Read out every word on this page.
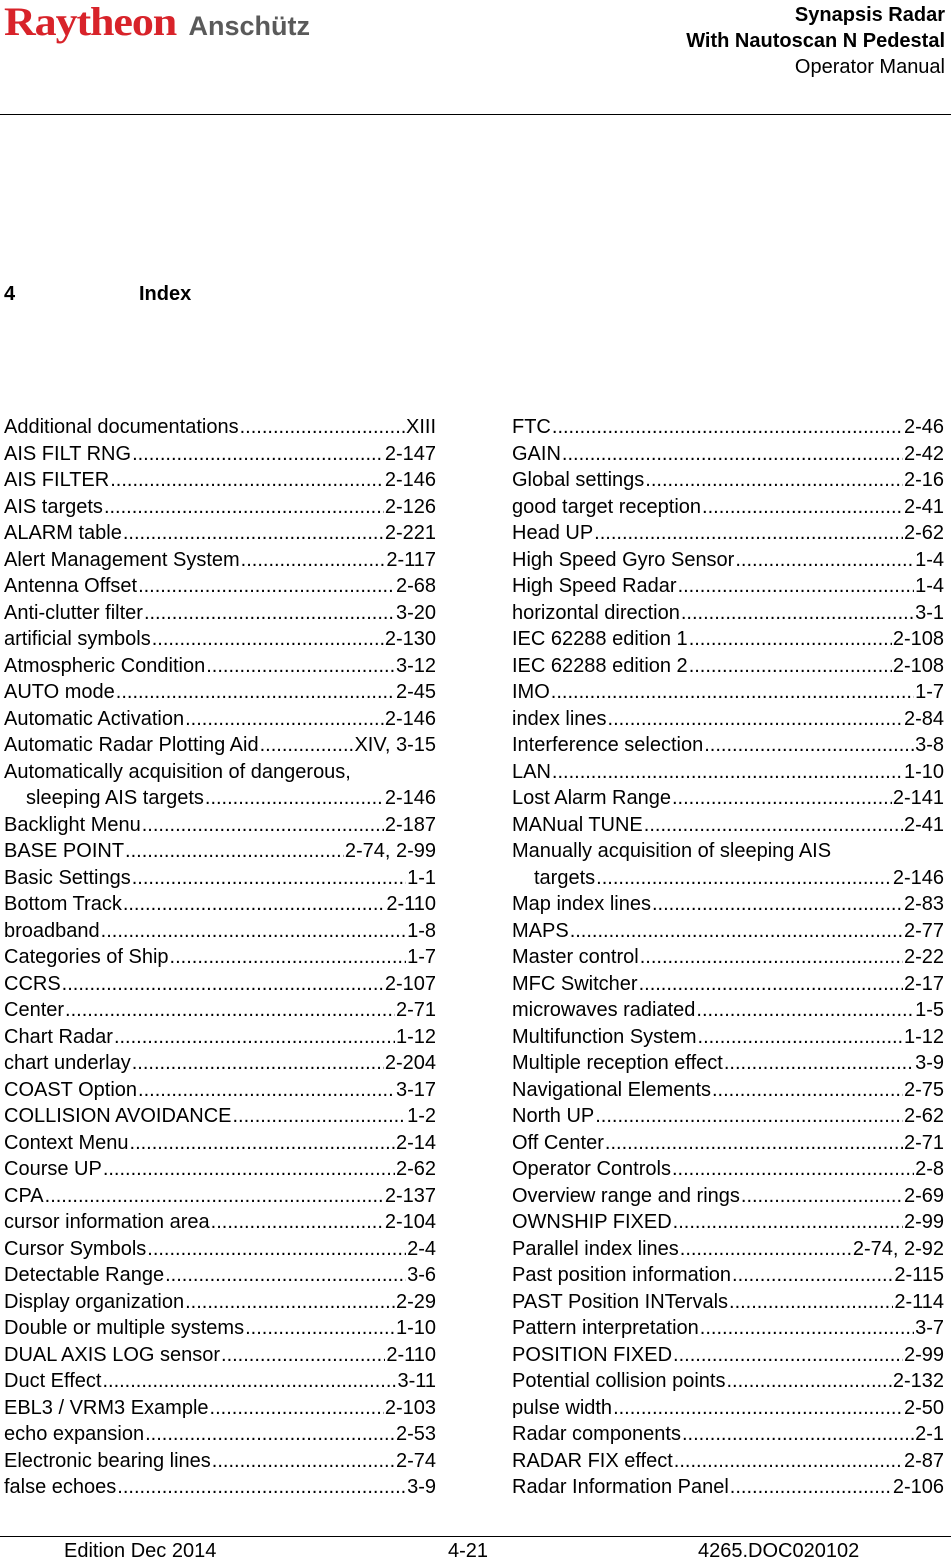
Raytheon Anschütz	Synapsis Radar
With Nautoscan N Pedestal
Operator Manual
4	Index
Additional documentations .....	XIII
AIS FILT RNG .....	2-147
AIS FILTER .....	2-146
AIS targets .....	2-126
ALARM table .....	2-221
Alert Management System .....	2-117
Antenna Offset .....	2-68
Anti-clutter filter .....	3-20
artificial symbols .....	2-130
Atmospheric Condition .....	3-12
AUTO mode .....	2-45
Automatic Activation .....	2-146
Automatic Radar Plotting Aid .....	XIV, 3-15
Automatically acquisition of dangerous,
sleeping AIS targets .....	2-146
Backlight Menu .....	2-187
BASE POINT .....	2-74, 2-99
Basic Settings .....	1-1
Bottom Track .....	2-110
broadband .....	1-8
Categories of Ship .....	1-7
CCRS .....	2-107
Center .....	2-71
Chart Radar .....	1-12
chart underlay .....	2-204
COAST Option .....	3-17
COLLISION AVOIDANCE .....	1-2
Context Menu .....	2-14
Course UP .....	2-62
CPA .....	2-137
cursor information area .....	2-104
Cursor Symbols .....	2-4
Detectable Range .....	3-6
Display organization .....	2-29
Double or multiple systems .....	1-10
DUAL AXIS LOG sensor .....	2-110
Duct Effect .....	3-11
EBL3 / VRM3 Example .....	2-103
echo expansion .....	2-53
Electronic bearing lines .....	2-74
false echoes .....	3-9
FTC .....	2-46
GAIN .....	2-42
Global settings .....	2-16
good target reception .....	2-41
Head UP .....	2-62
High Speed Gyro Sensor .....	1-4
High Speed Radar .....	1-4
horizontal direction .....	3-1
IEC 62288 edition 1 .....	2-108
IEC 62288 edition 2 .....	2-108
IMO .....	1-7
index lines .....	2-84
Interference selection .....	3-8
LAN .....	1-10
Lost Alarm Range .....	2-141
MANual TUNE .....	2-41
Manually acquisition of sleeping AIS
targets .....	2-146
Map index lines .....	2-83
MAPS .....	2-77
Master control .....	2-22
MFC Switcher .....	2-17
microwaves radiated .....	1-5
Multifunction System .....	1-12
Multiple reception effect .....	3-9
Navigational Elements .....	2-75
North UP .....	2-62
Off Center .....	2-71
Operator Controls .....	2-8
Overview range and rings .....	2-69
OWNSHIP FIXED .....	2-99
Parallel index lines .....	2-74, 2-92
Past position information .....	2-115
PAST Position INTervals .....	2-114
Pattern interpretation .....	3-7
POSITION FIXED .....	2-99
Potential collision points .....	2-132
pulse width .....	2-50
Radar components .....	2-1
RADAR FIX effect .....	2-87
Radar Information Panel .....	2-106
Edition Dec 2014	4-21	4265.DOC020102
